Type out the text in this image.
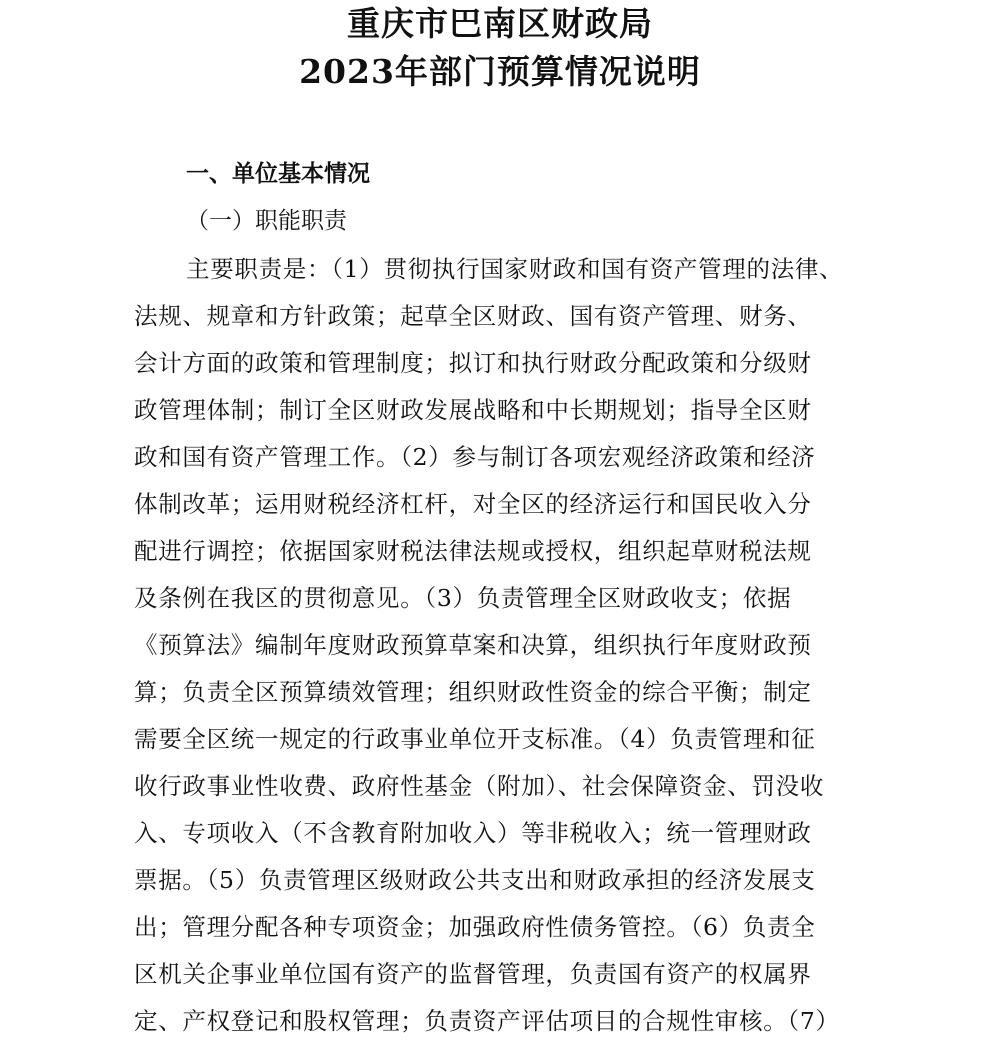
重庆市巴南区财政局
2023年部门预算情况说明
一、单位基本情况
（一）职能职责
主要职责是：（1）贯彻执行国家财政和国有资产管理的法律、
法规、规章和方针政策；起草全区财政、国有资产管理、财务、
会计方面的政策和管理制度；拟订和执行财政分配政策和分级财
政管理体制；制订全区财政发展战略和中长期规划；指导全区财
政和国有资产管理工作。（2）参与制订各项宏观经济政策和经济
体制改革；运用财税经济杠杆，对全区的经济运行和国民收入分
配进行调控；依据国家财税法律法规或授权，组织起草财税法规
及条例在我区的贯彻意见。（3）负责管理全区财政收支；依据
《预算法》编制年度财政预算草案和决算，组织执行年度财政预
算；负责全区预算绩效管理；组织财政性资金的综合平衡；制定
需要全区统一规定的行政事业单位开支标准。（4）负责管理和征
收行政事业性收费、政府性基金（附加）、社会保障资金、罚没收
入、专项收入（不含教育附加收入）等非税收入；统一管理财政
票据。（5）负责管理区级财政公共支出和财政承担的经济发展支
出；管理分配各种专项资金；加强政府性债务管控。（6）负责全
区机关企事业单位国有资产的监督管理，负责国有资产的权属界
定、产权登记和股权管理；负责资产评估项目的合规性审核。（7）
